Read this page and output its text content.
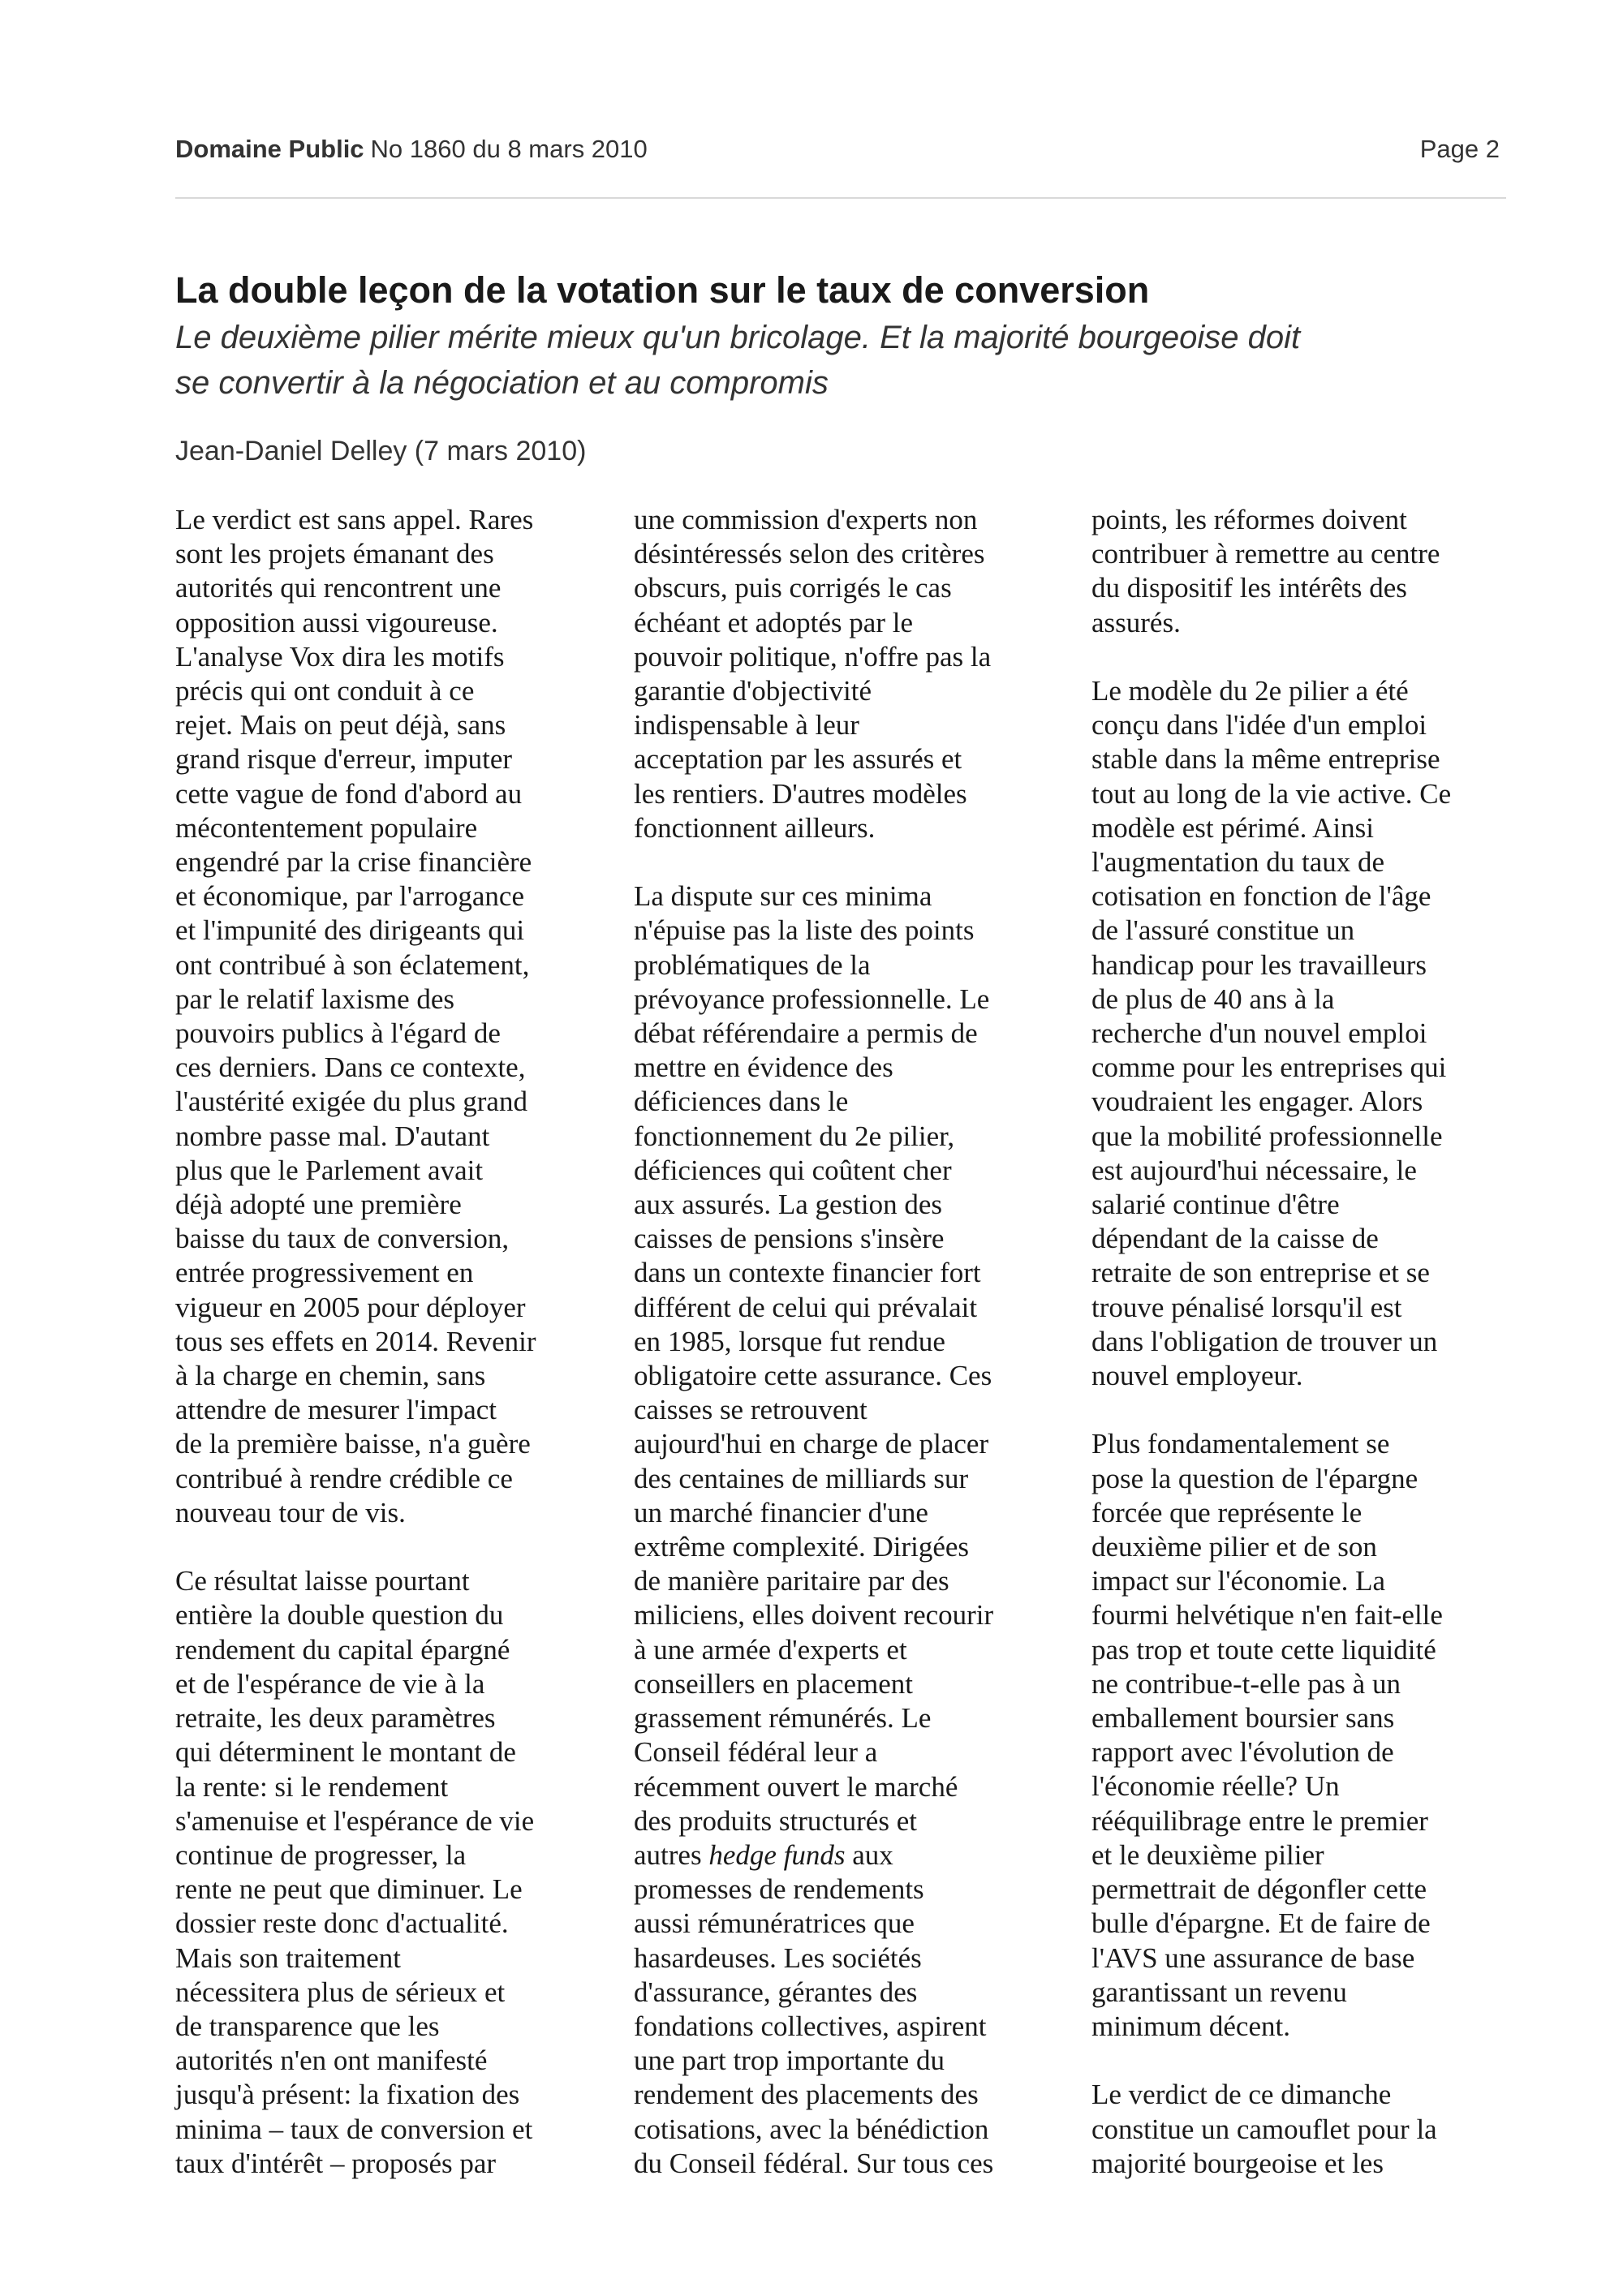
Domaine Public No 1860 du 8 mars 2010	Page 2
La double leçon de la votation sur le taux de conversion
Le deuxième pilier mérite mieux qu'un bricolage. Et la majorité bourgeoise doit
se convertir à la négociation et au compromis
Jean-Daniel Delley (7 mars 2010)

Le verdict est sans appel. Rares
sont les projets émanant des
autorités qui rencontrent une
opposition aussi vigoureuse.
L'analyse Vox dira les motifs
précis qui ont conduit à ce
rejet. Mais on peut déjà, sans
grand risque d'erreur, imputer
cette vague de fond d'abord au
mécontentement populaire
engendré par la crise financière
et économique, par l'arrogance
et l'impunité des dirigeants qui
ont contribué à son éclatement,
par le relatif laxisme des
pouvoirs publics à l'égard de
ces derniers. Dans ce contexte,
l'austérité exigée du plus grand
nombre passe mal. D'autant
plus que le Parlement avait
déjà adopté une première
baisse du taux de conversion,
entrée progressivement en
vigueur en 2005 pour déployer
tous ses effets en 2014. Revenir
à la charge en chemin, sans
attendre de mesurer l'impact
de la première baisse, n'a guère
contribué à rendre crédible ce
nouveau tour de vis.

Ce résultat laisse pourtant
entière la double question du
rendement du capital épargné
et de l'espérance de vie à la
retraite, les deux paramètres
qui déterminent le montant de
la rente: si le rendement
s'amenuise et l'espérance de vie
continue de progresser, la
rente ne peut que diminuer. Le
dossier reste donc d'actualité.
Mais son traitement
nécessitera plus de sérieux et
de transparence que les
autorités n'en ont manifesté
jusqu'à présent: la fixation des
minima – taux de conversion et
taux d'intérêt – proposés par

une commission d'experts non
désintéressés selon des critères
obscurs, puis corrigés le cas
échéant et adoptés par le
pouvoir politique, n'offre pas la
garantie d'objectivité
indispensable à leur
acceptation par les assurés et
les rentiers. D'autres modèles
fonctionnent ailleurs.

La dispute sur ces minima
n'épuise pas la liste des points
problématiques de la
prévoyance professionnelle. Le
débat référendaire a permis de
mettre en évidence des
déficiences dans le
fonctionnement du 2e pilier,
déficiences qui coûtent cher
aux assurés. La gestion des
caisses de pensions s'insère
dans un contexte financier fort
différent de celui qui prévalait
en 1985, lorsque fut rendue
obligatoire cette assurance. Ces
caisses se retrouvent
aujourd'hui en charge de placer
des centaines de milliards sur
un marché financier d'une
extrême complexité. Dirigées
de manière paritaire par des
miliciens, elles doivent recourir
à une armée d'experts et
conseillers en placement
grassement rémunérés. Le
Conseil fédéral leur a
récemment ouvert le marché
des produits structurés et
autres hedge funds aux
promesses de rendements
aussi rémunératrices que
hasardeuses. Les sociétés
d'assurance, gérantes des
fondations collectives, aspirent
une part trop importante du
rendement des placements des
cotisations, avec la bénédiction
du Conseil fédéral. Sur tous ces

points, les réformes doivent
contribuer à remettre au centre
du dispositif les intérêts des
assurés.

Le modèle du 2e pilier a été
conçu dans l'idée d'un emploi
stable dans la même entreprise
tout au long de la vie active. Ce
modèle est périmé. Ainsi
l'augmentation du taux de
cotisation en fonction de l'âge
de l'assuré constitue un
handicap pour les travailleurs
de plus de 40 ans à la
recherche d'un nouvel emploi
comme pour les entreprises qui
voudraient les engager. Alors
que la mobilité professionnelle
est aujourd'hui nécessaire, le
salarié continue d'être
dépendant de la caisse de
retraite de son entreprise et se
trouve pénalisé lorsqu'il est
dans l'obligation de trouver un
nouvel employeur.

Plus fondamentalement se
pose la question de l'épargne
forcée que représente le
deuxième pilier et de son
impact sur l'économie. La
fourmi helvétique n'en fait-elle
pas trop et toute cette liquidité
ne contribue-t-elle pas à un
emballement boursier sans
rapport avec l'évolution de
l'économie réelle? Un
rééquilibrage entre le premier
et le deuxième pilier
permettrait de dégonfler cette
bulle d'épargne. Et de faire de
l'AVS une assurance de base
garantissant un revenu
minimum décent.

Le verdict de ce dimanche
constitue un camouflet pour la
majorité bourgeoise et les
